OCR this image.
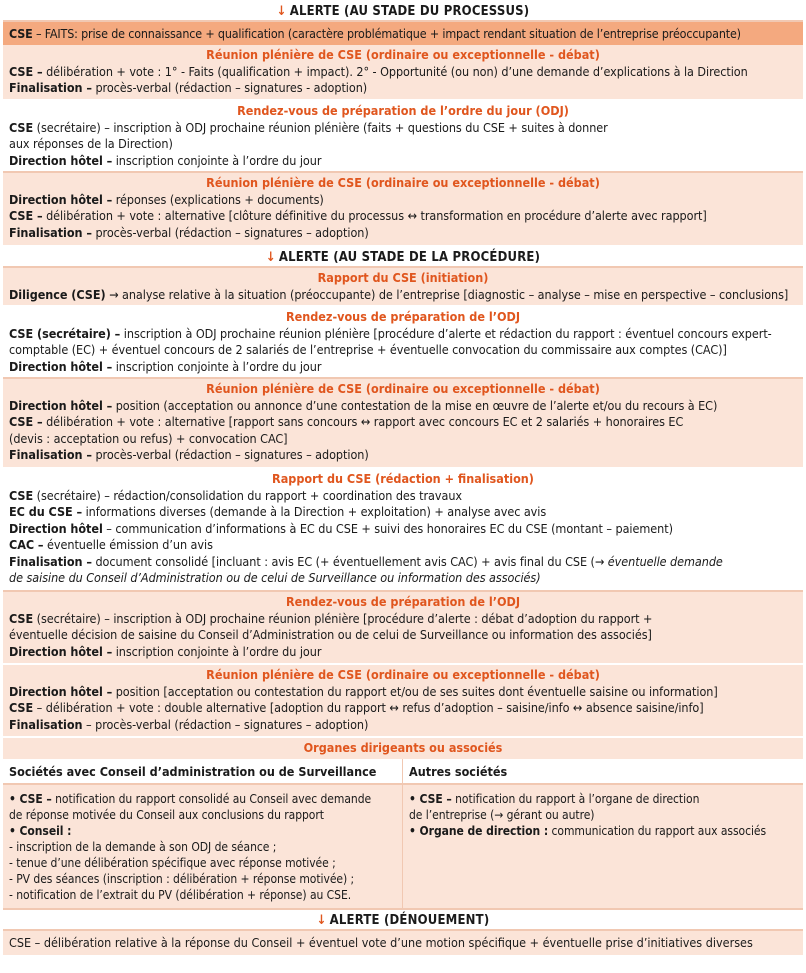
↓ ALERTE (AU STADE DU PROCESSUS)
CSE – FAITS: prise de connaissance + qualification (caractère problématique + impact rendant situation de l’entreprise préoccupante)
Réunion plénière de CSE (ordinaire ou exceptionnelle - débat)
CSE – délibération + vote : 1° - Faits (qualification + impact). 2° - Opportunité (ou non) d’une demande d’explications à la Direction
Finalisation – procès-verbal (rédaction – signatures - adoption)
Rendez-vous de préparation de l’ordre du jour (ODJ)
CSE (secrétaire) – inscription à ODJ prochaine réunion plénière (faits + questions du CSE + suites à donner
aux réponses de la Direction)
Direction hôtel – inscription conjointe à l’ordre du jour
Réunion plénière de CSE (ordinaire ou exceptionnelle - débat)
Direction hôtel – réponses (explications + documents)
CSE – délibération + vote : alternative [clôture définitive du processus ↔ transformation en procédure d’alerte avec rapport]
Finalisation – procès-verbal (rédaction – signatures – adoption)
↓ ALERTE (AU STADE DE LA PROCÉDURE)
Rapport du CSE (initiation)
Diligence (CSE) → analyse relative à la situation (préoccupante) de l’entreprise [diagnostic – analyse – mise en perspective – conclusions]
Rendez-vous de préparation de l’ODJ
CSE (secrétaire) – inscription à ODJ prochaine réunion plénière [procédure d’alerte et rédaction du rapport : éventuel concours expert-
comptable (EC) + éventuel concours de 2 salariés de l’entreprise + éventuelle convocation du commissaire aux comptes (CAC)]
Direction hôtel – inscription conjointe à l’ordre du jour
Réunion plénière de CSE (ordinaire ou exceptionnelle - débat)
Direction hôtel – position (acceptation ou annonce d’une contestation de la mise en œuvre de l’alerte et/ou du recours à EC)
CSE – délibération + vote : alternative [rapport sans concours ↔ rapport avec concours EC et 2 salariés + honoraires EC
(devis : acceptation ou refus) + convocation CAC]
Finalisation – procès-verbal (rédaction – signatures – adoption)
Rapport du CSE (rédaction + finalisation)
CSE (secrétaire) – rédaction/consolidation du rapport + coordination des travaux
EC du CSE – informations diverses (demande à la Direction + exploitation) + analyse avec avis
Direction hôtel – communication d’informations à EC du CSE + suivi des honoraires EC du CSE (montant – paiement)
CAC – éventuelle émission d’un avis
Finalisation – document consolidé [incluant : avis EC (+ éventuellement avis CAC) + avis final du CSE (→ éventuelle demande
de saisine du Conseil d’Administration ou de celui de Surveillance ou information des associés)
Rendez-vous de préparation de l’ODJ
CSE (secrétaire) – inscription à ODJ prochaine réunion plénière [procédure d’alerte : débat d’adoption du rapport +
éventuelle décision de saisine du Conseil d’Administration ou de celui de Surveillance ou information des associés]
Direction hôtel – inscription conjointe à l’ordre du jour
Réunion plénière de CSE (ordinaire ou exceptionnelle - débat)
Direction hôtel – position [acceptation ou contestation du rapport et/ou de ses suites dont éventuelle saisine ou information]
CSE – délibération + vote : double alternative [adoption du rapport ↔ refus d’adoption – saisine/info ↔ absence saisine/info]
Finalisation – procès-verbal (rédaction – signatures – adoption)
Organes dirigeants ou associés
Sociétés avec Conseil d’administration ou de Surveillance
• CSE – notification du rapport consolidé au Conseil avec demande
de réponse motivée du Conseil aux conclusions du rapport
• Conseil :
- inscription de la demande à son ODJ de séance ;
- tenue d’une délibération spécifique avec réponse motivée ;
- PV des séances (inscription : délibération + réponse motivée) ;
- notification de l’extrait du PV (délibération + réponse) au CSE.
Autres sociétés
• CSE – notification du rapport à l’organe de direction
de l’entreprise (→ gérant ou autre)
• Organe de direction : communication du rapport aux associés
↓ ALERTE (DÉNOUEMENT)
CSE – délibération relative à la réponse du Conseil + éventuel vote d’une motion spécifique + éventuelle prise d’initiatives diverses
